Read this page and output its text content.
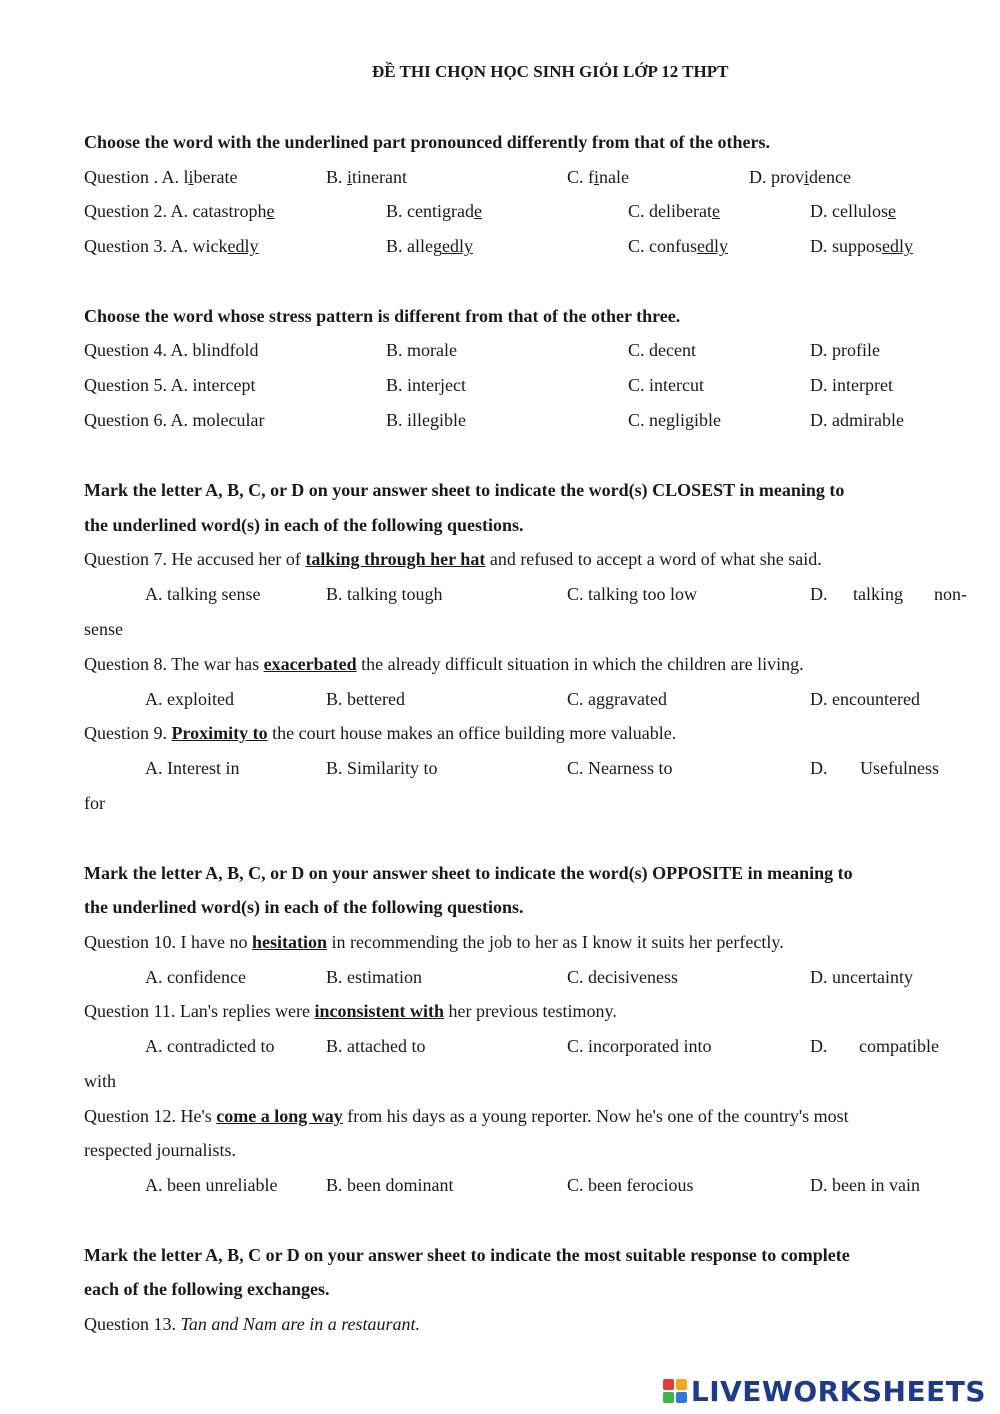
ĐỀ THI CHỌN HỌC SINH GIỎI LỚP 12 THPT
Choose the word with the underlined part pronounced differently from that of the others.
Question . A. liberate	B. itinerant	C. finale	D. providence
Question 2. A. catastrophe	B. centigrade	C. deliberate	D. cellulose
Question 3. A. wickedly	B. allegedly	C. confusedly	D. supposedly
Choose the word whose stress pattern is different from that of the other three.
Question 4. A. blindfold	B. morale	C. decent	D. profile
Question 5. A. intercept	B. interject	C. intercut	D. interpret
Question 6. A. molecular	B. illegible	C. negligible	D. admirable
Mark the letter A, B, C, or D on your answer sheet to indicate the word(s) CLOSEST in meaning to
the underlined word(s) in each of the following questions.
Question 7. He accused her of talking through her hat and refused to accept a word of what she said.
A. talking sense	B. talking tough	C. talking too low	D. talking non-
sense
Question 8. The war has exacerbated the already difficult situation in which the children are living.
A. exploited	B. bettered	C. aggravated	D. encountered
Question 9. Proximity to the court house makes an office building more valuable.
A. Interest in	B. Similarity to	C. Nearness to	D. Usefulness
for
Mark the letter A, B, C, or D on your answer sheet to indicate the word(s) OPPOSITE in meaning to
the underlined word(s) in each of the following questions.
Question 10. I have no hesitation in recommending the job to her as I know it suits her perfectly.
A. confidence	B. estimation	C. decisiveness	D. uncertainty
Question 11. Lan's replies were inconsistent with her previous testimony.
A. contradicted to	B. attached to	C. incorporated into	D. compatible
with
Question 12. He's come a long way from his days as a young reporter. Now he's one of the country's most
respected journalists.
A. been unreliable	B. been dominant	C. been ferocious	D. been in vain
Mark the letter A, B, C or D on your answer sheet to indicate the most suitable response to complete
each of the following exchanges.
Question 13. Tan and Nam are in a restaurant.
LIVEWORKSHEETS
